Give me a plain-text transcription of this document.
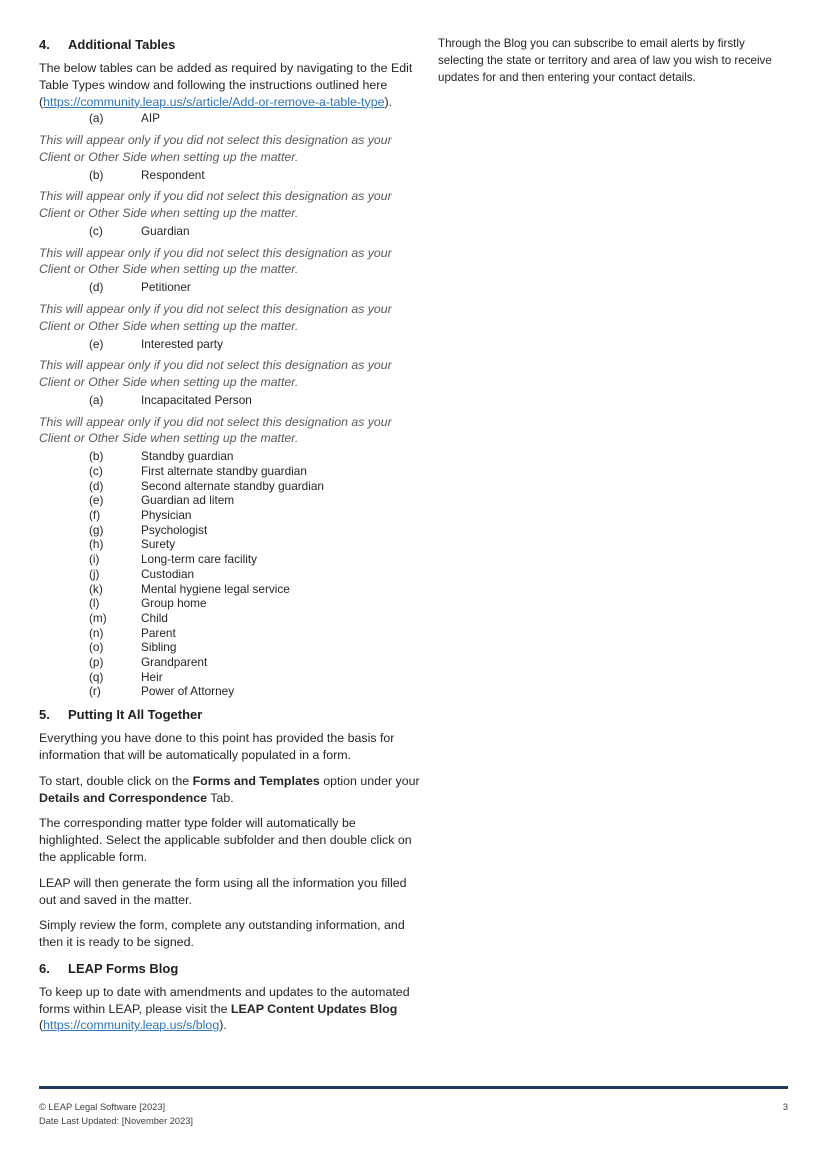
4. Additional Tables

The below tables can be added as required by navigating to the Edit Table Types window and following the instructions outlined here (https://community.leap.us/s/article/Add-or-remove-a-table-type).

(a)	AIP

This will appear only if you did not select this designation as your Client or Other Side when setting up the matter.

(b)	Respondent

This will appear only if you did not select this designation as your Client or Other Side when setting up the matter.

(c)	Guardian

This will appear only if you did not select this designation as your Client or Other Side when setting up the matter.

(d)	Petitioner

This will appear only if you did not select this designation as your Client or Other Side when setting up the matter.

(e)	Interested party

This will appear only if you did not select this designation as your Client or Other Side when setting up the matter.

(a)	Incapacitated Person

This will appear only if you did not select this designation as your Client or Other Side when setting up the matter.

(b)	Standby guardian
(c)	First alternate standby guardian
(d)	Second alternate standby guardian
(e)	Guardian ad litem
(f)	Physician
(g)	Psychologist
(h)	Surety
(i)	Long-term care facility
(j)	Custodian
(k)	Mental hygiene legal service
(l)	Group home
(m)	Child
(n)	Parent
(o)	Sibling
(p)	Grandparent
(q)	Heir
(r)	Power of Attorney
5. Putting It All Together

Everything you have done to this point has provided the basis for information that will be automatically populated in a form.

To start, double click on the Forms and Templates option under your Details and Correspondence Tab.

The corresponding matter type folder will automatically be highlighted. Select the applicable subfolder and then double click on the applicable form.

LEAP will then generate the form using all the information you filled out and saved in the matter.

Simply review the form, complete any outstanding information, and then it is ready to be signed.

6. LEAP Forms Blog

To keep up to date with amendments and updates to the automated forms within LEAP, please visit the LEAP Content Updates Blog (https://community.leap.us/s/blog).

Through the Blog you can subscribe to email alerts by firstly selecting the state or territory and area of law you wish to receive updates for and then entering your contact details.

© LEAP Legal Software [2023]
Date Last Updated: [November 2023]
3
